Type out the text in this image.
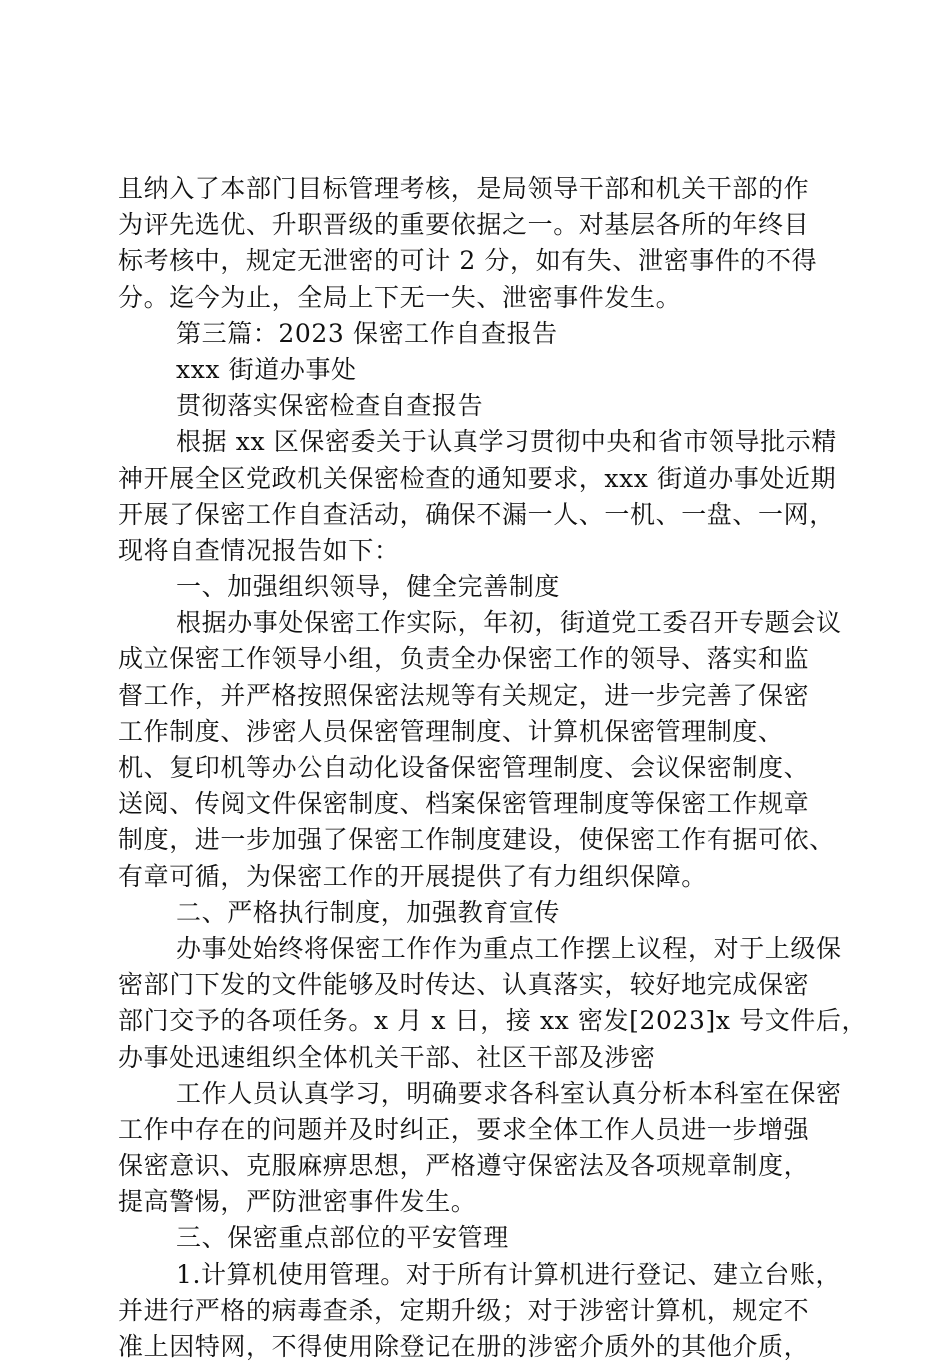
且纳入了本部门目标管理考核，是局领导干部和机关干部的作
为评先选优、升职晋级的重要依据之一。对基层各所的年终目
标考核中，规定无泄密的可计 2 分，如有失、泄密事件的不得
分。迄今为止，全局上下无一失、泄密事件发生。
第三篇：2023 保密工作自查报告
xxx 街道办事处
贯彻落实保密检查自查报告
根据 xx 区保密委关于认真学习贯彻中央和省市领导批示精
神开展全区党政机关保密检查的通知要求，xxx 街道办事处近期
开展了保密工作自查活动，确保不漏一人、一机、一盘、一网，
现将自查情况报告如下：
一、加强组织领导，健全完善制度
根据办事处保密工作实际，年初，街道党工委召开专题会议
成立保密工作领导小组，负责全办保密工作的领导、落实和监
督工作，并严格按照保密法规等有关规定，进一步完善了保密
工作制度、涉密人员保密管理制度、计算机保密管理制度、
机、复印机等办公自动化设备保密管理制度、会议保密制度、
送阅、传阅文件保密制度、档案保密管理制度等保密工作规章
制度，进一步加强了保密工作制度建设，使保密工作有据可依、
有章可循，为保密工作的开展提供了有力组织保障。
二、严格执行制度，加强教育宣传
办事处始终将保密工作作为重点工作摆上议程，对于上级保
密部门下发的文件能够及时传达、认真落实，较好地完成保密
部门交予的各项任务。x 月 x 日，接 xx 密发[2023]x 号文件后，
办事处迅速组织全体机关干部、社区干部及涉密
工作人员认真学习，明确要求各科室认真分析本科室在保密
工作中存在的问题并及时纠正，要求全体工作人员进一步增强
保密意识、克服麻痹思想，严格遵守保密法及各项规章制度，
提高警惕，严防泄密事件发生。
三、保密重点部位的平安管理
1.计算机使用管理。对于所有计算机进行登记、建立台账，
并进行严格的病毒查杀，定期升级；对于涉密计算机，规定不
准上因特网，不得使用除登记在册的涉密介质外的其他介质，
